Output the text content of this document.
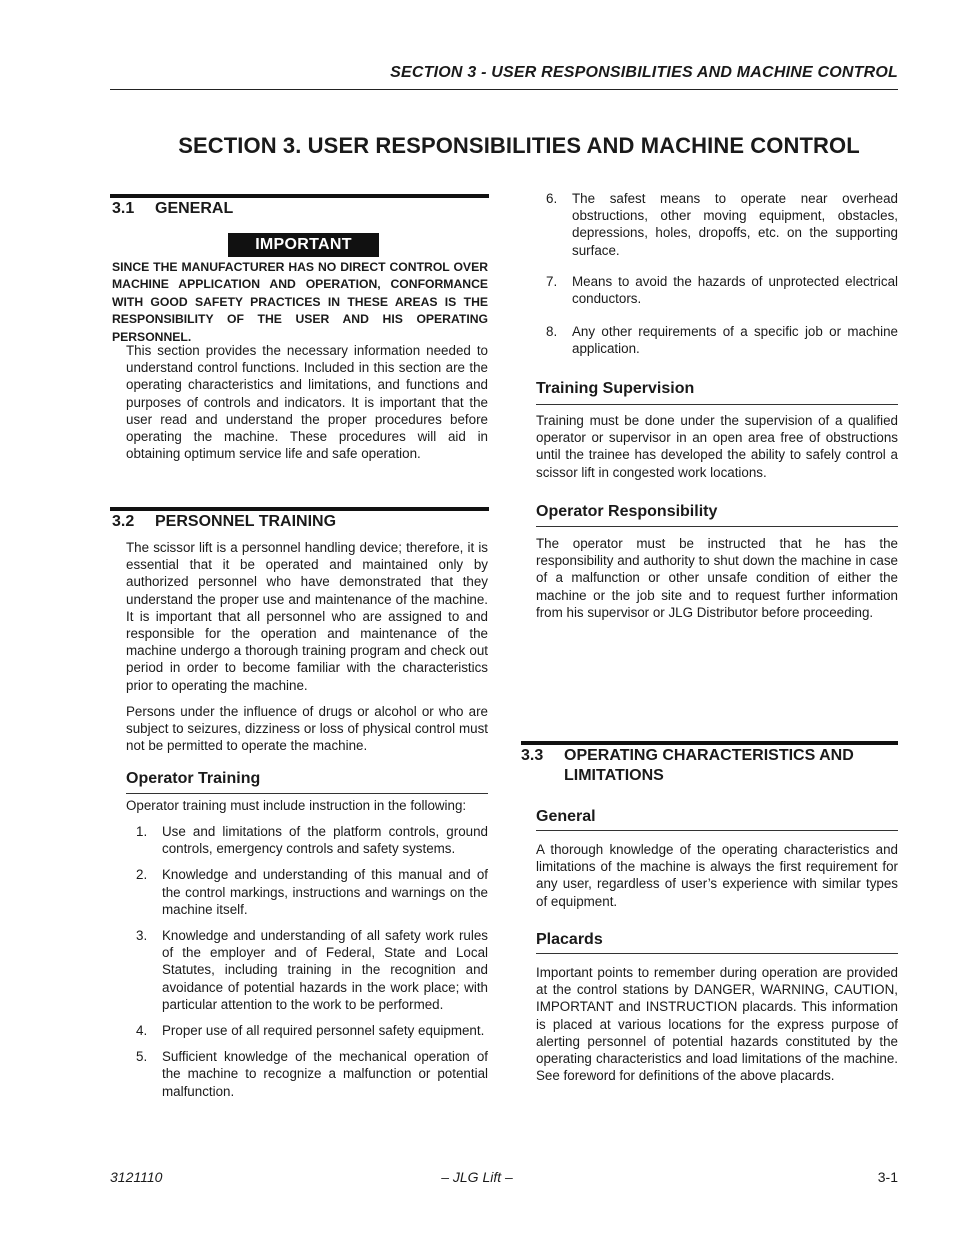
SECTION 3 - USER RESPONSIBILITIES AND MACHINE CONTROL
SECTION 3. USER RESPONSIBILITIES AND MACHINE CONTROL
3.1 GENERAL
IMPORTANT
SINCE THE MANUFACTURER HAS NO DIRECT CONTROL OVER MACHINE APPLICATION AND OPERATION, CONFORMANCE WITH GOOD SAFETY PRACTICES IN THESE AREAS IS THE RESPONSIBILITY OF THE USER AND HIS OPERATING PERSONNEL.
This section provides the necessary information needed to understand control functions. Included in this section are the operating characteristics and limitations, and functions and purposes of controls and indicators. It is important that the user read and understand the proper procedures before operating the machine. These procedures will aid in obtaining optimum service life and safe operation.
3.2 PERSONNEL TRAINING
The scissor lift is a personnel handling device; therefore, it is essential that it be operated and maintained only by authorized personnel who have demonstrated that they understand the proper use and maintenance of the machine. It is important that all personnel who are assigned to and responsible for the operation and maintenance of the machine undergo a thorough training program and check out period in order to become familiar with the characteristics prior to operating the machine.
Persons under the influence of drugs or alcohol or who are subject to seizures, dizziness or loss of physical control must not be permitted to operate the machine.
Operator Training
Operator training must include instruction in the following:
1. Use and limitations of the platform controls, ground controls, emergency controls and safety systems.
2. Knowledge and understanding of this manual and of the control markings, instructions and warnings on the machine itself.
3. Knowledge and understanding of all safety work rules of the employer and of Federal, State and Local Statutes, including training in the recognition and avoidance of potential hazards in the work place; with particular attention to the work to be performed.
4. Proper use of all required personnel safety equipment.
5. Sufficient knowledge of the mechanical operation of the machine to recognize a malfunction or potential malfunction.
6. The safest means to operate near overhead obstructions, other moving equipment, obstacles, depressions, holes, dropoffs, etc. on the supporting surface.
7. Means to avoid the hazards of unprotected electrical conductors.
8. Any other requirements of a specific job or machine application.
Training Supervision
Training must be done under the supervision of a qualified operator or supervisor in an open area free of obstructions until the trainee has developed the ability to safely control a scissor lift in congested work locations.
Operator Responsibility
The operator must be instructed that he has the responsibility and authority to shut down the machine in case of a malfunction or other unsafe condition of either the machine or the job site and to request further information from his supervisor or JLG Distributor before proceeding.
3.3	OPERATING CHARACTERISTICS AND LIMITATIONS
General
A thorough knowledge of the operating characteristics and limitations of the machine is always the first requirement for any user, regardless of user’s experience with similar types of equipment.
Placards
Important points to remember during operation are provided at the control stations by DANGER, WARNING, CAUTION, IMPORTANT and INSTRUCTION placards. This information is placed at various locations for the express purpose of alerting personnel of potential hazards constituted by the operating characteristics and load limitations of the machine. See foreword for definitions of the above placards.
3121110	– JLG Lift –	3-1
